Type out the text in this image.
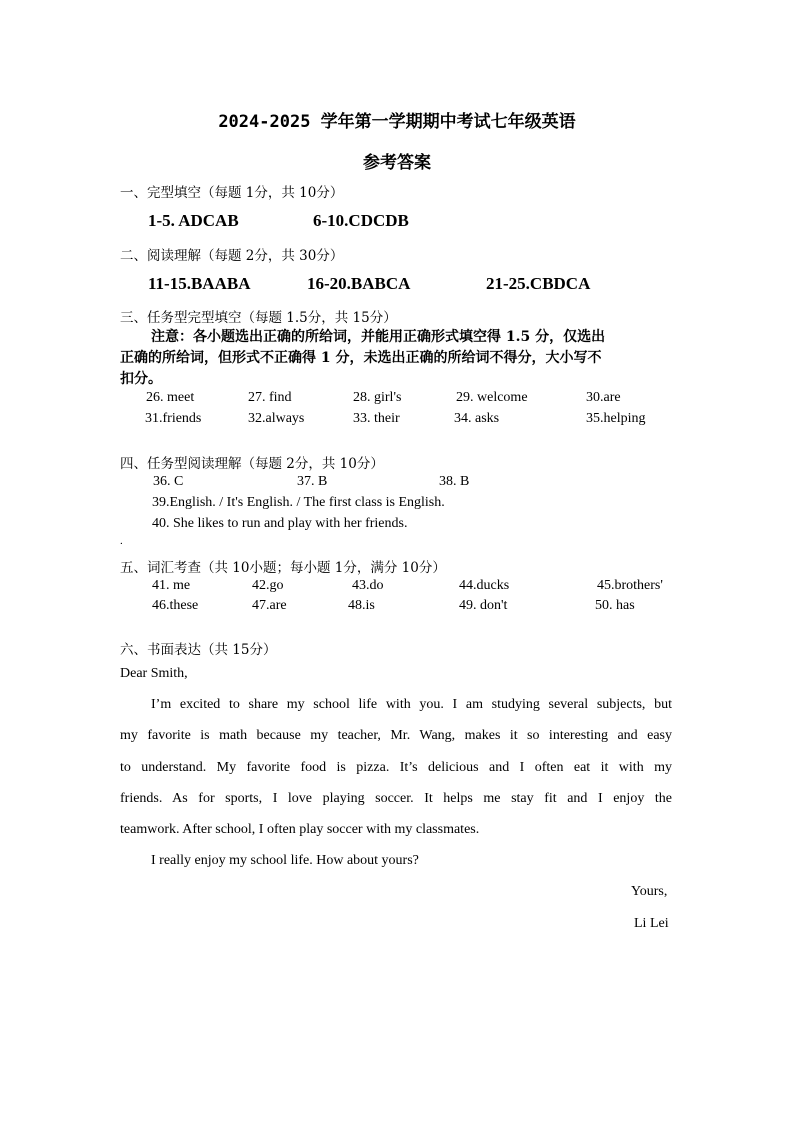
2024-2025 学年第一学期期中考试七年级英语
参考答案
一、完型填空（每题 1分，共 10分）
1-5. ADCAB	6-10.CDCDB
二、阅读理解（每题 2分，共 30分）
11-15.BAABA	16-20.BABCA	21-25.CBDCA
三、任务型完型填空（每题 1.5分，共 15分）
注意：各小题选出正确的所给词，并能用正确形式填空得 1.5 分，仅选出
正确的所给词，但形式不正确得 1 分，未选出正确的所给词不得分，大小写不
扣分。
26. meet	27. find	28. girl's	29. welcome	30.are
31.friends	32.always	33. their	34. asks	35.helping
四、任务型阅读理解（每题 2分，共 10分）
36. C	37. B	38. B
39.English. / It's English. / The first class is English.
40. She likes to run and play with her friends.
.
五、词汇考查（共 10小题；每小题 1分，满分 10分）
41. me	42.go	43.do	44.ducks	45.brothers'
46.these	47.are	48.is	49. don't	50. has
六、书面表达（共 15分）
Dear Smith,
I’m excited to share my school life with you. I am studying several subjects, but
my favorite is math because my teacher, Mr. Wang, makes it so interesting and easy
to understand. My favorite food is pizza. It’s delicious and I often eat it with my
friends. As for sports, I love playing soccer. It helps me stay fit and I enjoy the
teamwork. After school, I often play soccer with my classmates.
I really enjoy my school life. How about yours?
Yours,
Li Lei
